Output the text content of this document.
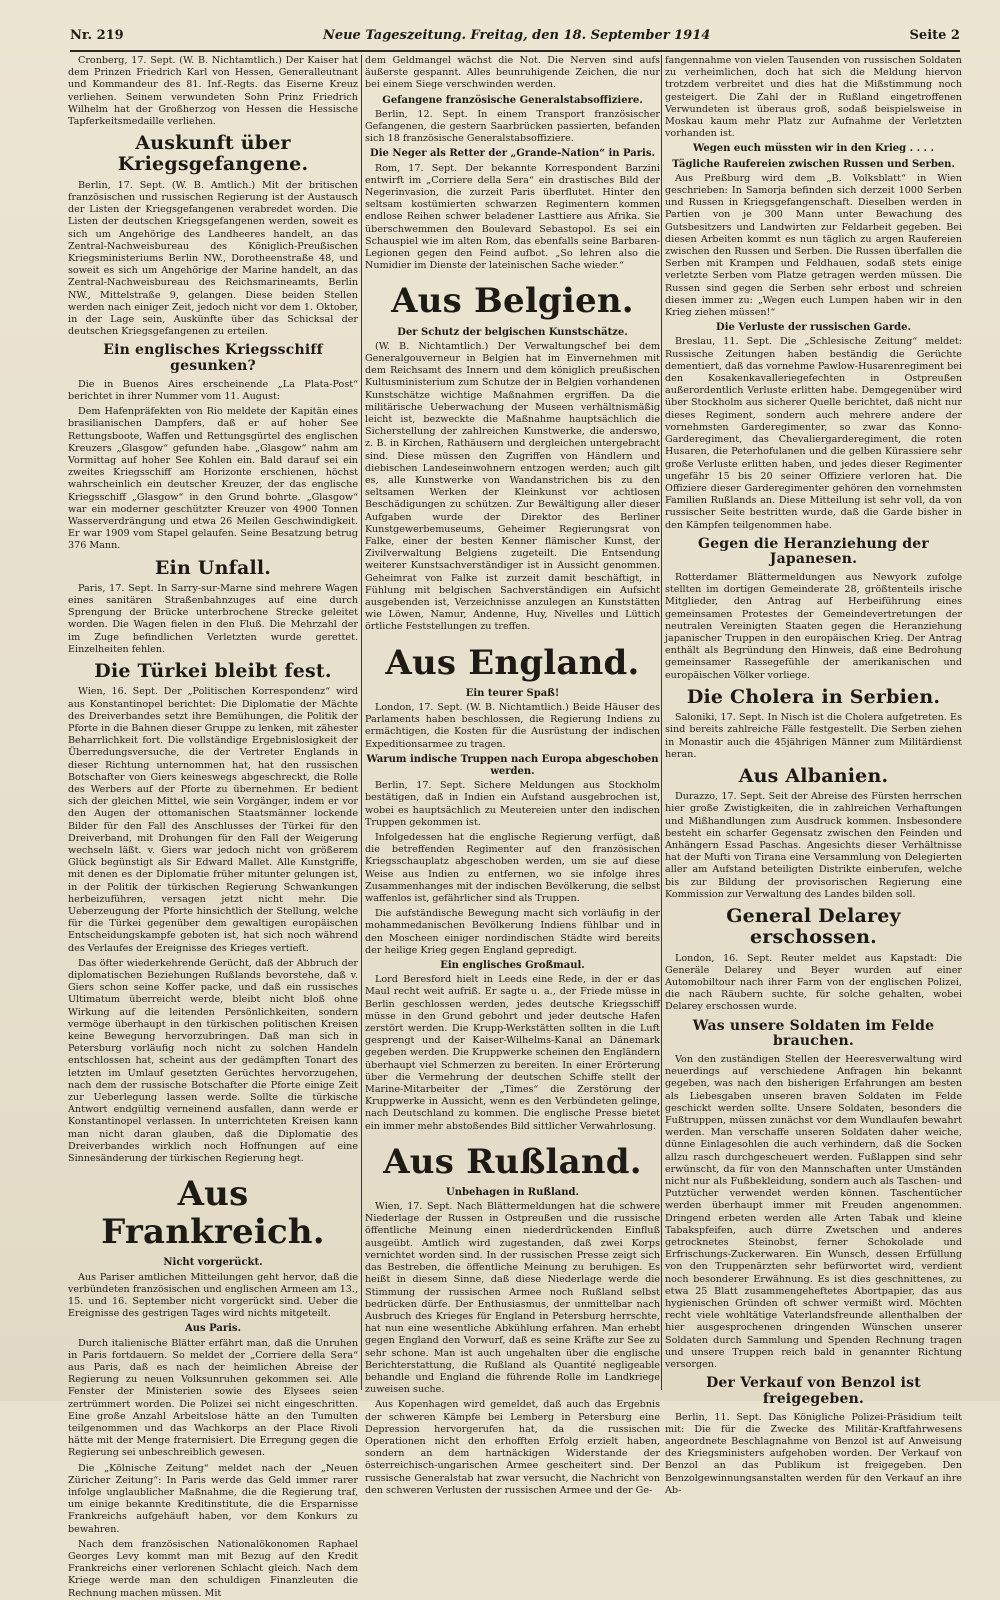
Nr. 219	Neue Tageszeitung. Freitag, den 18. September 1914	Seite 2

Cronberg, 17. Sept. (W. B. Nichtamtlich.) Der Kaiser hat dem Prinzen Friedrich Karl von Hessen, Generalleutnant und Kommandeur des 81. Inf.-Regts. das Eiserne Kreuz verliehen. Seinem verwundeten Sohn Prinz Friedrich Wilhelm hat der Großherzog von Hessen die Hessische Tapferkeitsmedaille verliehen.

Auskunft über Kriegsgefangene.

Berlin, 17. Sept. (W. B. Amtlich.) Mit der britischen französischen und russischen Regierung ist der Austausch der Listen der Kriegsgefangenen verabredet worden. Die Listen der deutschen Kriegsgefangenen werden, soweit es sich um Angehörige des Landheeres handelt, an das Zentral-Nachweisbureau des Königlich-Preußischen Kriegsministeriums Berlin NW., Dorotheenstraße 48, und soweit es sich um Angehörige der Marine handelt, an das Zentral-Nachweisbureau des Reichsmarineamts, Berlin NW., Mittelstraße 9, gelangen. Diese beiden Stellen werden nach einiger Zeit, jedoch nicht vor dem 1. Oktober, in der Lage sein, Auskünfte über das Schicksal der deutschen Kriegsgefangenen zu erteilen.

Ein englisches Kriegsschiff gesunken?

Die in Buenos Aires erscheinende „La Plata-Post“ berichtet in ihrer Nummer vom 11. August:

Dem Hafenpräfekten von Rio meldete der Kapitän eines brasilianischen Dampfers, daß er auf hoher See Rettungsboote, Waffen und Rettungsgürtel des englischen Kreuzers „Glasgow“ gefunden habe. „Glasgow“ nahm am Vormittag auf hoher See Kohlen ein. Bald darauf sei ein zweites Kriegsschiff am Horizonte erschienen, höchst wahrscheinlich ein deutscher Kreuzer, der das englische Kriegsschiff „Glasgow“ in den Grund bohrte. „Glasgow“ war ein moderner geschützter Kreuzer von 4900 Tonnen Wasserverdrängung und etwa 26 Meilen Geschwindigkeit. Er war 1909 vom Stapel gelaufen. Seine Besatzung betrug 376 Mann.

Ein Unfall.

Paris, 17. Sept. In Sarry-sur-Marne sind mehrere Wagen eines sanitären Straßenbahnzuges auf eine durch Sprengung der Brücke unterbrochene Strecke geleitet worden. Die Wagen fielen in den Fluß. Die Mehrzahl der im Zuge befindlichen Verletzten wurde gerettet. Einzelheiten fehlen.

Die Türkei bleibt fest.

Wien, 16. Sept. Der „Politischen Korrespondenz“ wird aus Konstantinopel berichtet: Die Diplomatie der Mächte des Dreiverbandes setzt ihre Bemühungen, die Politik der Pforte in die Bahnen dieser Gruppe zu lenken, mit zähester Beharrlichkeit fort. Die vollständige Ergebnislosigkeit der Überredungsversuche, die der Vertreter Englands in dieser Richtung unternommen hat, hat den russischen Botschafter von Giers keineswegs abgeschreckt, die Rolle des Werbers auf der Pforte zu übernehmen. Er bedient sich der gleichen Mittel, wie sein Vorgänger, indem er vor den Augen der ottomanischen Staatsmänner lockende Bilder für den Fall des Anschlusses der Türkei für den Dreiverband, mit Drohungen für den Fall der Weigerung wechseln läßt. v. Giers war jedoch nicht von größerem Glück begünstigt als Sir Edward Mallet. Alle Kunstgriffe, mit denen es der Diplomatie früher mitunter gelungen ist, in der Politik der türkischen Regierung Schwankungen herbeizuführen, versagen jetzt nicht mehr. Die Ueberzeugung der Pforte hinsichtlich der Stellung, welche für die Türkei gegenüber dem gewaltigen europäischen Entscheidungskampfe geboten ist, hat sich noch während des Verlaufes der Ereignisse des Krieges vertieft.

Das öfter wiederkehrende Gerücht, daß der Abbruch der diplomatischen Beziehungen Rußlands bevorstehe, daß v. Giers schon seine Koffer packe, und daß ein russisches Ultimatum überreicht werde, bleibt nicht bloß ohne Wirkung auf die leitenden Persönlichkeiten, sondern vermöge überhaupt in den türkischen politischen Kreisen keine Bewegung hervorzubringen. Daß man sich in Petersburg vorläufig noch nicht zu solchen Handeln entschlossen hat, scheint aus der gedämpften Tonart des letzten im Umlauf gesetzten Gerüchtes hervorzugehen, nach dem der russische Botschafter die Pforte einige Zeit zur Ueberlegung lassen werde. Sollte die türkische Antwort endgültig verneinend ausfallen, dann werde er Konstantinopel verlassen. In unterrichteten Kreisen kann man nicht daran glauben, daß die Diplomatie des Dreiverbandes wirklich noch Hoffnungen auf eine Sinnesänderung der türkischen Regierung hegt.

Aus Frankreich.
Nicht vorgerückt.

Aus Pariser amtlichen Mitteilungen geht hervor, daß die verbündeten französischen und englischen Armeen am 13., 15. und 16. September nicht vorgerückt sind. Ueber die Ereignisse des gestrigen Tages wird nichts mitgeteilt.

Aus Paris.

Durch italienische Blätter erfährt man, daß die Unruhen in Paris fortdauern. So meldet der „Corriere della Sera“ aus Paris, daß es nach der heimlichen Abreise der Regierung zu neuen Volksunruhen gekommen sei. Alle Fenster der Ministerien sowie des Elysees seien zertrümmert worden. Die Polizei sei nicht eingeschritten. Eine große Anzahl Arbeitslose hätte an den Tumulten teilgenommen und das Wachkorps an der Place Rivoli hätte mit der Menge fraternisiert. Die Erregung gegen die Regierung sei unbeschreiblich gewesen.

Die „Kölnische Zeitung“ meldet nach der „Neuen Züricher Zeitung“: In Paris werde das Geld immer rarer infolge unglaublicher Maßnahme, die die Regierung traf, um einige bekannte Kreditinstitute, die die Ersparnisse Frankreichs aufgehäuft haben, vor dem Konkurs zu bewahren.

Nach dem französischen Nationalökonomen Raphael Georges Levy kommt man mit Bezug auf den Kredit Frankreichs einer verlorenen Schlacht gleich. Nach dem Kriege werde man den schuldigen Finanzleuten die Rechnung machen müssen. Mit

dem Geldmangel wächst die Not. Die Nerven sind aufs äußerste gespannt. Alles beunruhigende Zeichen, die nur bei einem Siege verschwinden werden.

Gefangene französische Generalstabsoffiziere.

Berlin, 12. Sept. In einem Transport französischer Gefangenen, die gestern Saarbrücken passierten, befanden sich 18 französische Generalstabsoffiziere.

Die Neger als Retter der „Grande-Nation“ in Paris.

Rom, 17. Sept. Der bekannte Korrespondent Barzini entwirft im „Corriere della Sera“ ein drastisches Bild der Negerinvasion, die zurzeit Paris überflutet. Hinter den seltsam kostümierten schwarzen Regimentern kommen endlose Reihen schwer beladener Lasttiere aus Afrika. Sie überschwemmen den Boulevard Sebastopol. Es sei ein Schauspiel wie im alten Rom, das ebenfalls seine Barbaren-Legionen gegen den Feind aufbot. „So lehren also die Numidier im Dienste der lateinischen Sache wieder.“

Aus Belgien.
Der Schutz der belgischen Kunstschätze.

(W. B. Nichtamtlich.) Der Verwaltungschef bei dem Generalgouverneur in Belgien hat im Einvernehmen mit dem Reichsamt des Innern und dem königlich preußischen Kultusministerium zum Schutze der in Belgien vorhandenen Kunstschätze wichtige Maßnahmen ergriffen. Da die militärische Ueberwachung der Museen verhältnismäßig leicht ist, bezweckte die Maßnahme hauptsächlich die Sicherstellung der zahlreichen Kunstwerke, die anderswo, z. B. in Kirchen, Rathäusern und dergleichen untergebracht sind. Diese müssen den Zugriffen von Händlern und diebischen Landeseinwohnern entzogen werden; auch gilt es, alle Kunstwerke von Wandanstrichen bis zu den seltsamen Werken der Kleinkunst vor achtlosen Beschädigungen zu schützen. Zur Bewältigung aller dieser Aufgaben wurde der Direktor des Berliner Kunstgewerbemuseums, Geheimer Regierungsrat von Falke, einer der besten Kenner flämischer Kunst, der Zivilverwaltung Belgiens zugeteilt. Die Entsendung weiterer Kunstsachverständiger ist in Aussicht genommen. Geheimrat von Falke ist zurzeit damit beschäftigt, in Fühlung mit belgischen Sachverständigen ein Aufsicht ausgebenden ist, Verzeichnisse anzulegen an Kunststätten wie Löwen, Namur, Andenne, Huy, Nivelles und Lüttich örtliche Feststellungen zu treffen.

Aus England.
Ein teurer Spaß!

London, 17. Sept. (W. B. Nichtamtlich.) Beide Häuser des Parlaments haben beschlossen, die Regierung Indiens zu ermächtigen, die Kosten für die Ausrüstung der indischen Expeditionsarmee zu tragen.

Warum indische Truppen nach Europa abgeschoben werden.

Berlin, 17. Sept. Sichere Meldungen aus Stockholm bestätigen, daß in Indien ein Aufstand ausgebrochen ist, wobei es hauptsächlich zu Meutereien unter den indischen Truppen gekommen ist.

Infolgedessen hat die englische Regierung verfügt, daß die betreffenden Regimenter auf den französischen Kriegsschauplatz abgeschoben werden, um sie auf diese Weise aus Indien zu entfernen, wo sie infolge ihres Zusammenhanges mit der indischen Bevölkerung, die selbst waffenlos ist, gefährlicher sind als Truppen.

Die aufständische Bewegung macht sich vorläufig in der mohammedanischen Bevölkerung Indiens fühlbar und in den Moscheen einiger nordindischen Städte wird bereits der heilige Krieg gegen England gepredigt.

Ein englisches Großmaul.

Lord Beresford hielt in Leeds eine Rede, in der er das Maul recht weit aufriß. Er sagte u. a., der Friede müsse in Berlin geschlossen werden, jedes deutsche Kriegsschiff müsse in den Grund gebohrt und jeder deutsche Hafen zerstört werden. Die Krupp-Werkstätten sollten in die Luft gesprengt und der Kaiser-Wilhelms-Kanal an Dänemark gegeben werden. Die Kruppwerke scheinen den Engländern überhaupt viel Schmerzen zu bereiten. In einer Erörterung über die Vermehrung der deutschen Schiffe stellt der Marine-Mitarbeiter der „Times“ die Zerstörung der Kruppwerke in Aussicht, wenn es den Verbündeten gelinge, nach Deutschland zu kommen. Die englische Presse bietet ein immer mehr abstoßendes Bild sittlicher Verwahrlosung.

Aus Rußland.
Unbehagen in Rußland.

Wien, 17. Sept. Nach Blättermeldungen hat die schwere Niederlage der Russen in Ostpreußen und die russische öffentliche Meinung einen niederdrückenden Einfluß ausgeübt. Amtlich wird zugestanden, daß zwei Korps vernichtet worden sind. In der russischen Presse zeigt sich das Bestreben, die öffentliche Meinung zu beruhigen. Es heißt in diesem Sinne, daß diese Niederlage werde die Stimmung der russischen Armee noch Rußland selbst bedrücken dürfe. Der Enthusiasmus, der unmittelbar nach Ausbruch des Krieges für England in Petersburg herrschte, hat nun eine wesentliche Abkühlung erfahren. Man erhebt gegen England den Vorwurf, daß es seine Kräfte zur See zu sehr schone. Man ist auch ungehalten über die englische Berichterstattung, die Rußland als Quantité negligeable behandle und England die führende Rolle im Landkriege zuweisen suche.

Aus Kopenhagen wird gemeldet, daß auch das Ergebnis der schweren Kämpfe bei Lemberg in Petersburg eine Depression hervorgerufen hat, da die russischen Operationen nicht den erhofften Erfolg erzielt haben, sondern an dem hartnäckigen Widerstande der österreichisch-ungarischen Armee gescheitert sind. Der russische Generalstab hat zwar versucht, die Nachricht von den schweren Verlusten der russischen Armee und der Ge-

fangennahme von vielen Tausenden von russischen Soldaten zu verheimlichen, doch hat sich die Meldung hiervon trotzdem verbreitet und dies hat die Mißstimmung noch gesteigert. Die Zahl der in Rußland eingetroffenen Verwundeten ist überaus groß, sodaß beispielsweise in Moskau kaum mehr Platz zur Aufnahme der Verletzten vorhanden ist.

Wegen euch müssten wir in den Krieg . . . .
Tägliche Raufereien zwischen Russen und Serben.

Aus Preßburg wird dem „B. Volksblatt“ in Wien geschrieben: In Samorja befinden sich derzeit 1000 Serben und Russen in Kriegsgefangenschaft. Dieselben werden in Partien von je 300 Mann unter Bewachung des Gutsbesitzers und Landwirten zur Feldarbeit gegeben. Bei diesen Arbeiten kommt es nun täglich zu argen Raufereien zwischen den Russen und Serben. Die Russen überfallen die Serben mit Krampen und Feldhauen, sodaß stets einige verletzte Serben vom Platze getragen werden müssen. Die Russen sind gegen die Serben sehr erbost und schreien diesen immer zu: „Wegen euch Lumpen haben wir in den Krieg ziehen müssen!“

Die Verluste der russischen Garde.

Breslau, 11. Sept. Die „Schlesische Zeitung“ meldet: Russische Zeitungen haben beständig die Gerüchte dementiert, daß das vornehme Pawlow-Husarenregiment bei den Kosakenkavalleriegefechten in Ostpreußen außerordentlich Verluste erlitten habe. Demgegenüber wird über Stockholm aus sicherer Quelle berichtet, daß nicht nur dieses Regiment, sondern auch mehrere andere der vornehmsten Garderegimenter, so zwar das Konno-Garderegiment, das Chevaliergarderegiment, die roten Husaren, die Peterhofulanen und die gelben Kürassiere sehr große Verluste erlitten haben, und jedes dieser Regimenter ungefähr 15 bis 20 seiner Offiziere verloren hat. Die Offiziere dieser Garderegimenter gehören den vornehmsten Familien Rußlands an. Diese Mitteilung ist sehr voll, da von russischer Seite bestritten wurde, daß die Garde bisher in den Kämpfen teilgenommen habe.

Gegen die Heranziehung der Japanesen.

Rotterdamer Blättermeldungen aus Newyork zufolge stellten im dortigen Gemeinderate 28, größtenteils irische Mitglieder, den Antrag auf Herbeiführung eines gemeinsamen Protestes der Gemeindevertretungen der neutralen Vereinigten Staaten gegen die Heranziehung japanischer Truppen in den europäischen Krieg. Der Antrag enthält als Begründung den Hinweis, daß eine Bedrohung gemeinsamer Rassegefühle der amerikanischen und europäischen Völker vorliege.

Die Cholera in Serbien.

Saloniki, 17. Sept. In Nisch ist die Cholera aufgetreten. Es sind bereits zahlreiche Fälle festgestellt. Die Serben ziehen in Monastir auch die 45jährigen Männer zum Militärdienst heran.

Aus Albanien.

Durazzo, 17. Sept. Seit der Abreise des Fürsten herrschen hier große Zwistigkeiten, die in zahlreichen Verhaftungen und Mißhandlungen zum Ausdruck kommen. Insbesondere besteht ein scharfer Gegensatz zwischen den Feinden und Anhängern Essad Paschas. Angesichts dieser Verhältnisse hat der Mufti von Tirana eine Versammlung von Delegierten aller am Aufstand beteiligten Distrikte einberufen, welche bis zur Bildung der provisorischen Regierung eine Kommission zur Verwaltung des Landes bilden soll.

General Delarey erschossen.

London, 16. Sept. Reuter meldet aus Kapstadt: Die Generäle Delarey und Beyer wurden auf einer Automobiltour nach ihrer Farm von der englischen Polizei, die nach Räubern suchte, für solche gehalten, wobei Delarey erschossen wurde.

Was unsere Soldaten im Felde brauchen.

Von den zuständigen Stellen der Heeresverwaltung wird neuerdings auf verschiedene Anfragen hin bekannt gegeben, was nach den bisherigen Erfahrungen am besten als Liebesgaben unseren braven Soldaten im Felde geschickt werden sollte. Unsere Soldaten, besonders die Fußtruppen, müssen zunächst vor dem Wundlaufen bewahrt werden. Man verschaffe unseren Soldaten daher weiche, dünne Einlagesohlen die auch verhindern, daß die Socken allzu rasch durchgescheuert werden. Fußlappen sind sehr erwünscht, da für von den Mannschaften unter Umständen nicht nur als Fußbekleidung, sondern auch als Taschen- und Putztücher verwendet werden können. Taschentücher werden überhaupt immer mit Freuden angenommen. Dringend erbeten werden alle Arten Tabak und kleine Tabakspfeifen, auch dürre Zwetschen und anderes getrocknetes Steinobst, ferner Schokolade und Erfrischungs-Zuckerwaren. Ein Wunsch, dessen Erfüllung von den Truppenärzten sehr befürwortet wird, verdient noch besonderer Erwähnung. Es ist dies geschnittenes, zu etwa 25 Blatt zusammengeheftetes Abortpapier, das aus hygienischen Gründen oft schwer vermißt wird. Möchten recht viele wohltätige Vaterlandsfreunde allenthalben der hier ausgesprochenen dringenden Wünschen unserer Soldaten durch Sammlung und Spenden Rechnung tragen und unsere Truppen reich bald in genannter Richtung versorgen.

Der Verkauf von Benzol ist freigegeben.

Berlin, 11. Sept. Das Königliche Polizei-Präsidium teilt mit: Die für die Zwecke des Militär-Kraftfahrwesens angeordnete Beschlagnahme von Benzol ist auf Anweisung des Kriegsministers aufgehoben worden. Der Verkauf von Benzol an das Publikum ist freigegeben. Den Benzolgewinnungsanstalten werden für den Verkauf an ihre Ab-
